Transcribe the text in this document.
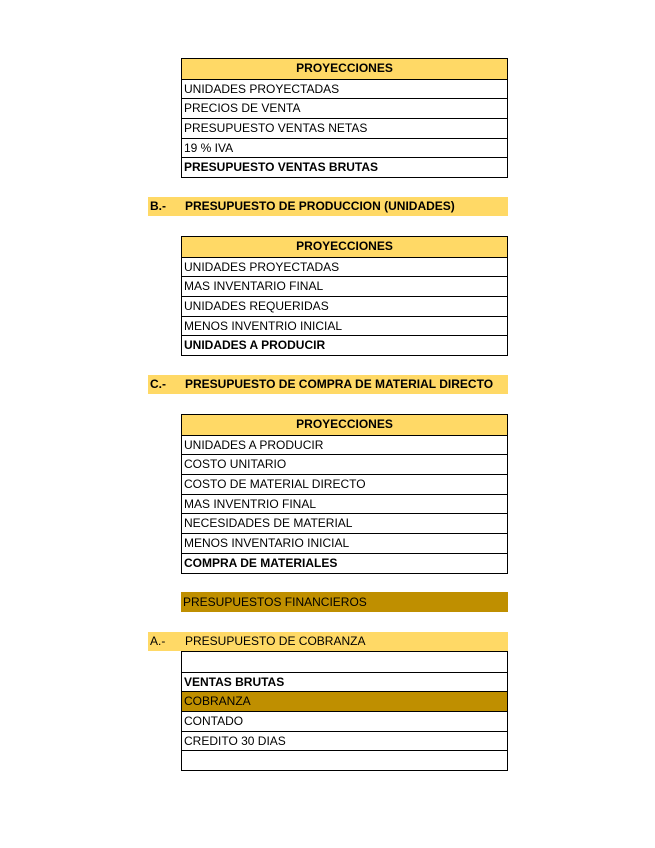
PROYECCIONES
UNIDADES PROYECTADAS
PRECIOS DE VENTA
PRESUPUESTO VENTAS NETAS
19 % IVA
PRESUPUESTO VENTAS BRUTAS
B.- PRESUPUESTO DE PRODUCCION (UNIDADES)
PROYECCIONES
UNIDADES PROYECTADAS
MAS INVENTARIO FINAL
UNIDADES REQUERIDAS
MENOS INVENTRIO INICIAL
UNIDADES A PRODUCIR
C.- PRESUPUESTO DE COMPRA DE MATERIAL DIRECTO
PROYECCIONES
UNIDADES A PRODUCIR
COSTO UNITARIO
COSTO DE MATERIAL DIRECTO
MAS INVENTRIO FINAL
NECESIDADES DE MATERIAL
MENOS INVENTARIO INICIAL
COMPRA DE MATERIALES
PRESUPUESTOS FINANCIEROS
A.- PRESUPUESTO DE COBRANZA
VENTAS BRUTAS
COBRANZA
CONTADO
CREDITO 30 DIAS
